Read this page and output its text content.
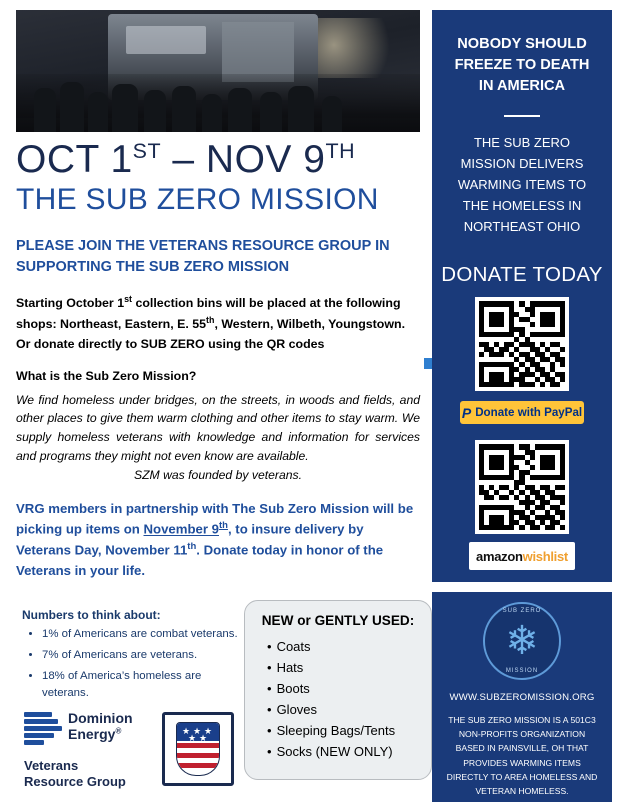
OCT 1ST – NOV 9TH
THE SUB ZERO MISSION
PLEASE JOIN THE VETERANS RESOURCE GROUP IN SUPPORTING THE SUB ZERO MISSION
Starting October 1st collection bins will be placed at the following shops: Northeast, Eastern, E. 55th, Western, Wilbeth, Youngstown. Or donate directly to SUB ZERO using the QR codes
What is the Sub Zero Mission?
We find homeless under bridges, on the streets, in woods and fields, and other places to give them warm clothing and other items to stay warm. We supply homeless veterans with knowledge and information for services and programs they might not even know are available.
SZM was founded by veterans.
VRG members in partnership with The Sub Zero Mission will be picking up items on November 9th, to insure delivery by Veterans Day, November 11th. Donate today in honor of the Veterans in your life.
Numbers to think about:
• 1% of Americans are combat veterans.
• 7% of Americans are veterans.
• 18% of America’s homeless are veterans.
Dominion
Energy®
Veterans
Resource Group
★ ★ ★
★ ★
NEW or GENTLY USED:
• Coats
• Hats
• Boots
• Gloves
• Sleeping Bags/Tents
• Socks (NEW ONLY)
NOBODY SHOULD FREEZE TO DEATH IN AMERICA
THE SUB ZERO MISSION DELIVERS WARMING ITEMS TO THE HOMELESS IN NORTHEAST OHIO
DONATE TODAY
P Donate with PayPal
amazonwishlist
SUB ZERO
❄
MISSION
WWW.SUBZEROMISSION.ORG
THE SUB ZERO MISSION IS A 501C3 NON-PROFITS ORGANIZATION BASED IN PAINSVILLE, OH THAT PROVIDES WARMING ITEMS DIRECTLY TO AREA HOMELESS AND VETERAN HOMELESS.
